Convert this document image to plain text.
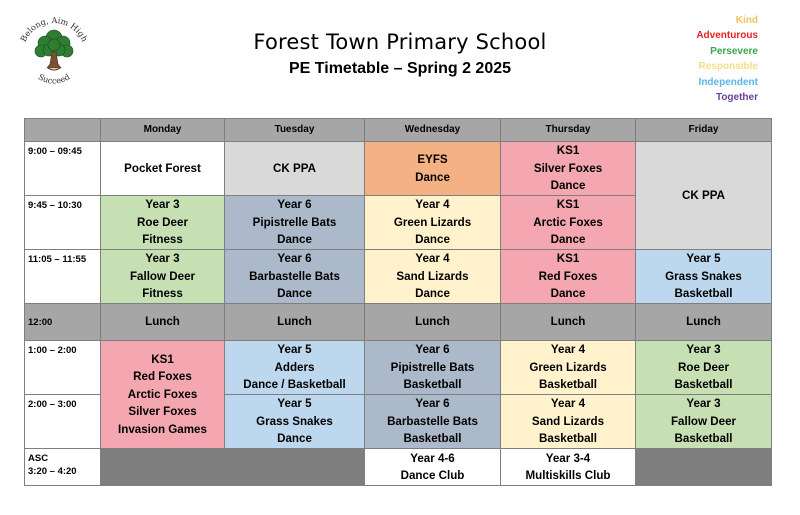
Belong, Aim High
Succeed
Forest Town Primary School
PE Timetable – Spring 2 2025
Kind
Adventurous
Persevere
Responsible
Independent
Together
	Monday	Tuesday	Wednesday	Thursday	Friday

9:00 – 09:45	Pocket Forest	CK PPA	EYFS
Dance	KS1
Silver Foxes
Dance	CK PPA

9:45 – 10:30	Year 3
Roe Deer
Fitness	Year 6
Pipistrelle Bats
Dance	Year 4
Green Lizards
Dance	KS1
Arctic Foxes
Dance	

11:05 – 11:55	Year 3
Fallow Deer
Fitness	Year 6
Barbastelle Bats
Dance	Year 4
Sand Lizards
Dance	KS1
Red Foxes
Dance	Year 5
Grass Snakes
Basketball

12:00	Lunch	Lunch	Lunch	Lunch	Lunch

1:00 – 2:00	KS1
Red Foxes
Arctic Foxes
Silver Foxes
Invasion Games	Year 5
Adders
Dance / Basketball	Year 6
Pipistrelle Bats
Basketball	Year 4
Green Lizards
Basketball	Year 3
Roe Deer
Basketball

2:00 – 3:00		Year 5
Grass Snakes
Dance	Year 6
Barbastelle Bats
Basketball	Year 4
Sand Lizards
Basketball	Year 3
Fallow Deer
Basketball

ASC
3:20 – 4:20			Year 4-6
Dance Club	Year 3-4
Multiskills Club	
